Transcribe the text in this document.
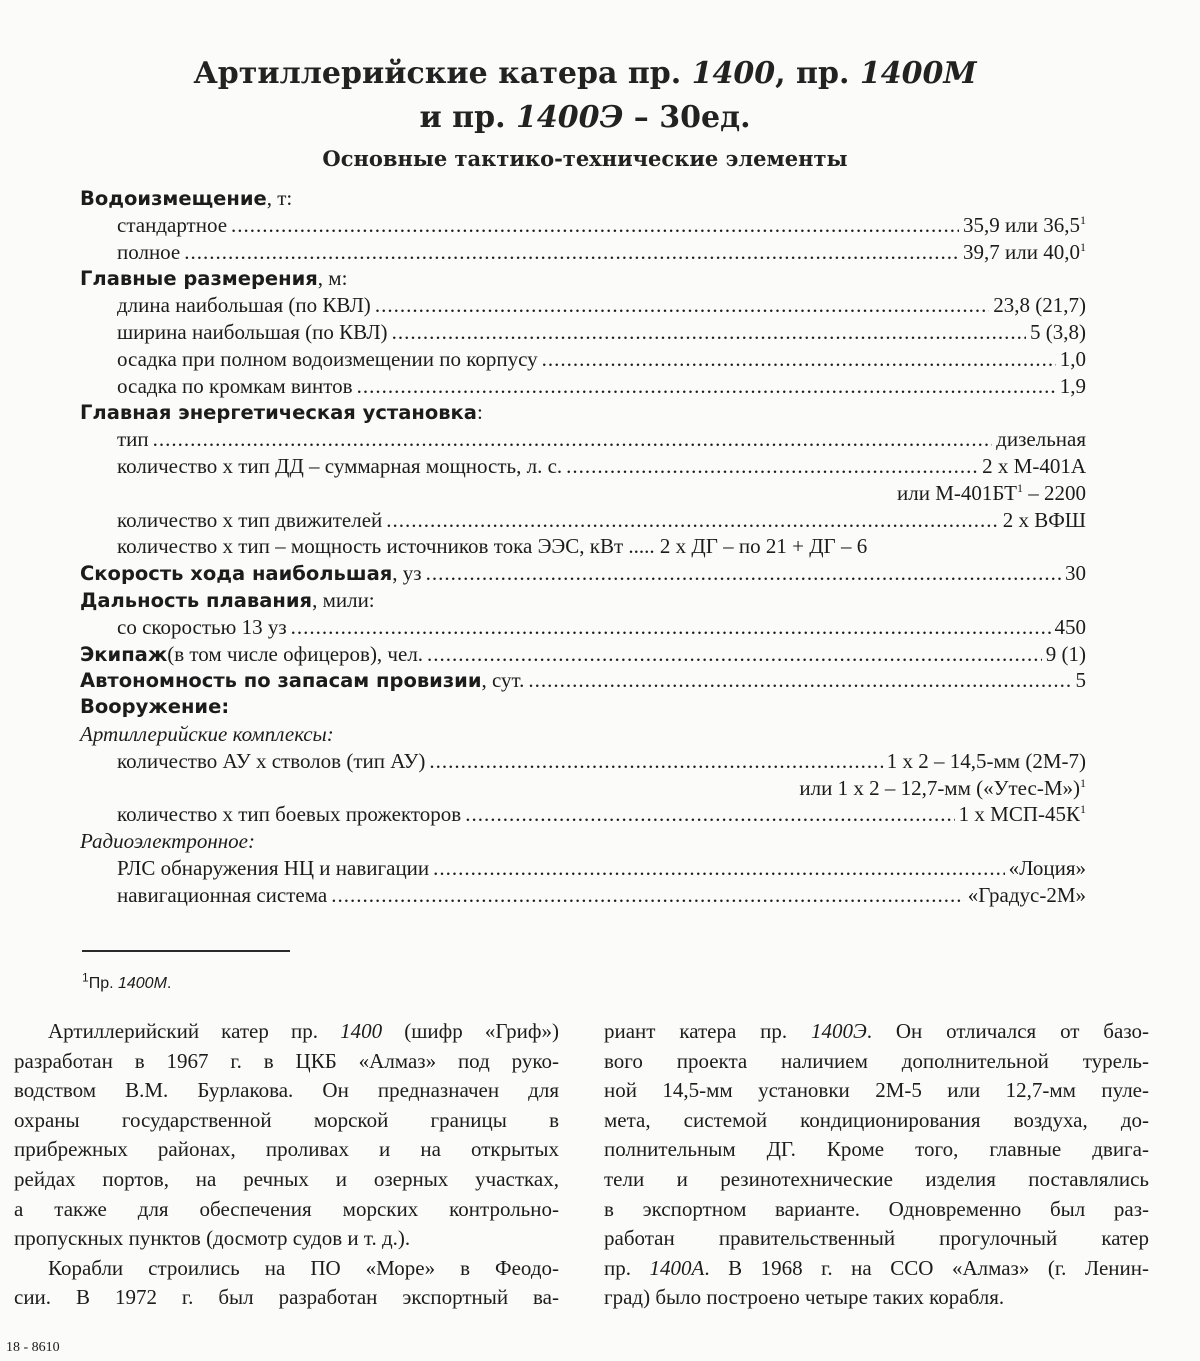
Артиллерийские катера пр. 1400, пр. 1400М
и пр. 1400Э – 30ед.
Основные тактико-технические элементы
Водоизмещение , т:
стандартное .....	35,9 или 36,5$^1$
полное .....	39,7 или 40,0$^1$
Главные размерения , м:
длина наибольшая (по КВЛ) .....	23,8 (21,7)
ширина наибольшая (по КВЛ) .....	5 (3,8)
осадка при полном водоизмещении по корпусу .....	1,0
осадка по кромкам винтов .....	1,9
Главная энергетическая установка :
тип .....	дизельная
количество х тип ДД – суммарная мощность, л. с. .....	2 х М-401А
или $М-401БТ^1 - 2200$
количество х тип движителей .....	2 х ВФШ
количество х тип – мощность источников тока ЭЭС, кВт ..... 2 х ДГ – по 21 + ДГ – 6
Скорость хода наибольшая , уз .....	30
Дальность плавания , мили:
со скоростью 13 уз .....	450
Экипаж (в том числе офицеров), чел. .....	9 (1)
Автономность по запасам провизии , сут. .....	5
Вооружение:
Артиллерийские комплексы :
количество АУ х стволов (тип АУ) .....	1 х 2 – 14,5-мм (2М-7)
или 1 х 2 – 12,7-мм («Утес-М»)$^1$
количество х тип боевых прожекторов .....	1 х МСП-$45К^1$
Радиоэлектронное :
РЛС обнаружения НЦ и навигации .....	«Лоция»
навигационная система .....	«Градус-2М»
$^1$Пр. 1400М.
Артиллерийский катер пр. 1400 (шифр «Гриф»)
разработан в 1967 г. в ЦКБ «Алмаз» под руко-
водством В.М. Бурлакова. Он предназначен для
охраны государственной морской границы в
прибрежных районах, проливах и на открытых
рейдах портов, на речных и озерных участках,
а также для обеспечения морских контрольно-
пропускных пунктов (досмотр судов и т. д.).
Корабли строились на ПО «Море» в Феодо-
сии. В 1972 г. был разработан экспортный ва-
риант катера пр. 1400Э. Он отличался от базо-
вого проекта наличием дополнительной турель-
ной 14,5-мм установки 2М-5 или 12,7-мм пуле-
мета, системой кондиционирования воздуха, до-
полнительным ДГ. Кроме того, главные двига-
тели и резинотехнические изделия поставлялись
в экспортном варианте. Одновременно был раз-
работан правительственный прогулочный катер
пр. 1400А. В 1968 г. на ССО «Алмаз» (г. Ленин-
град) было построено четыре таких корабля.
18 - 8610
